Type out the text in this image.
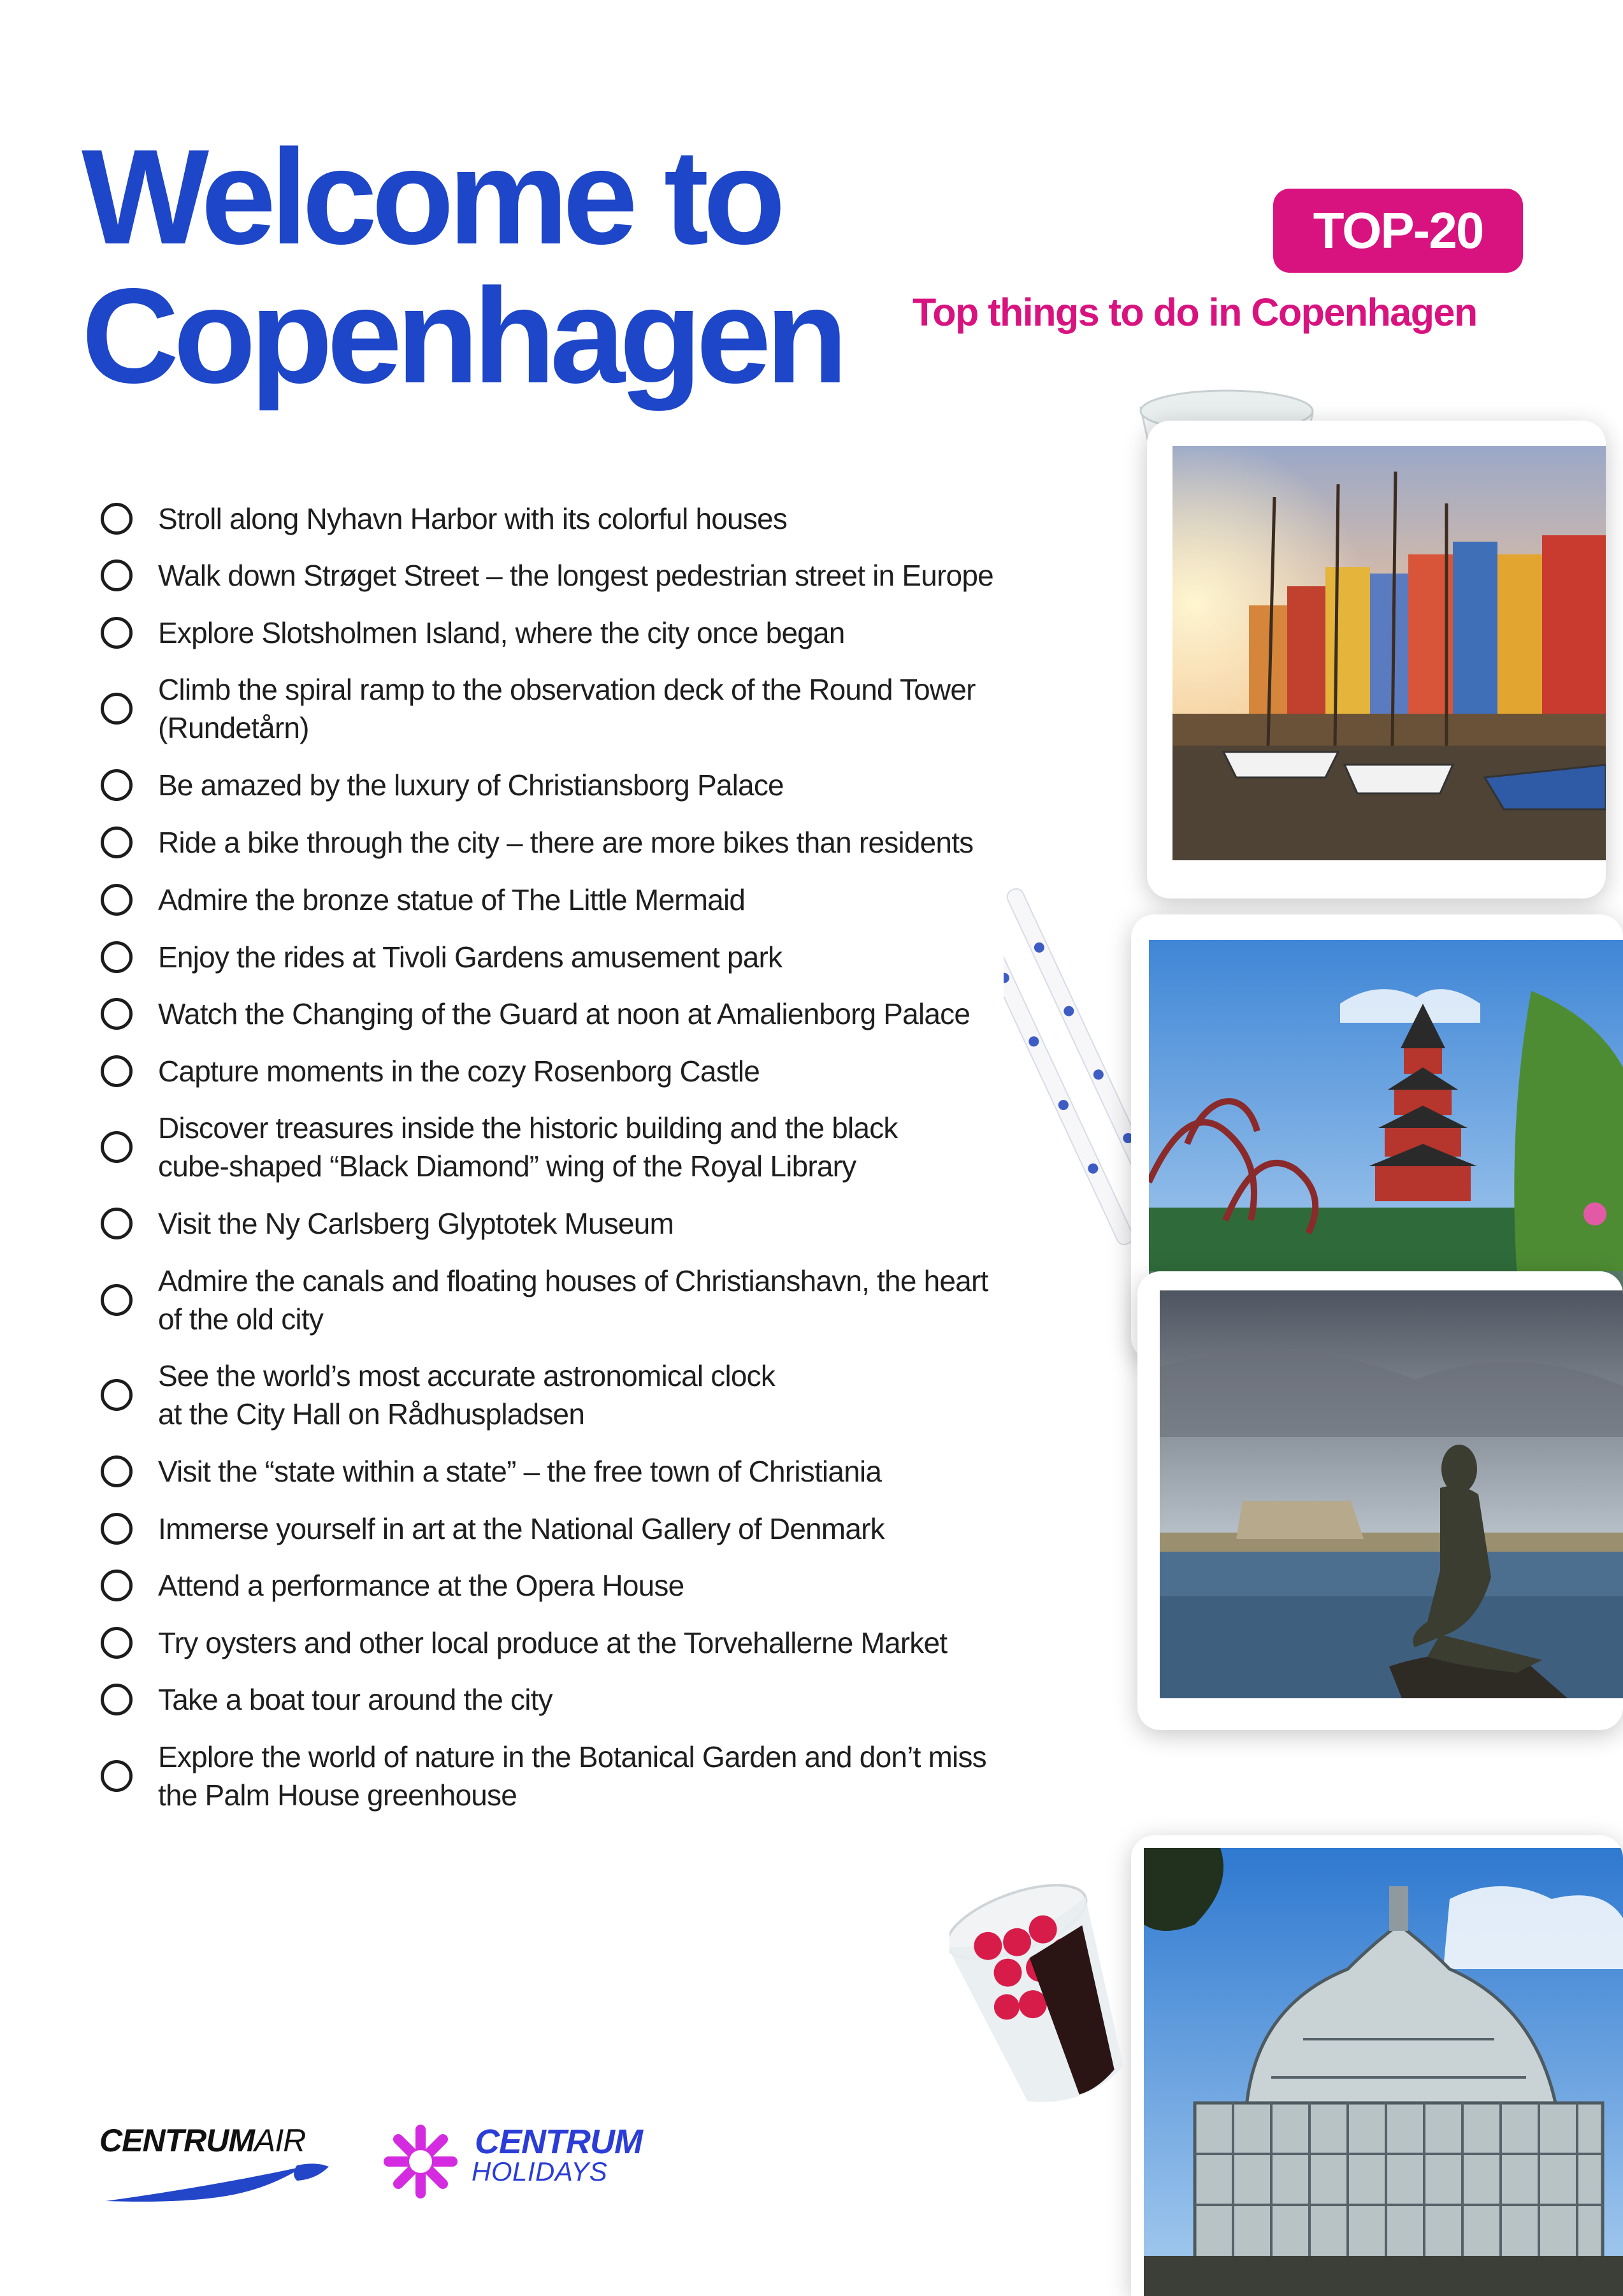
Welcome to
Copenhagen
TOP-20
Top things to do in Copenhagen
Stroll along Nyhavn Harbor with its colorful houses
Walk down Strøget Street – the longest pedestrian street in Europe
Explore Slotsholmen Island, where the city once began
Climb the spiral ramp to the observation deck of the Round Tower
(Rundetårn)
Be amazed by the luxury of Christiansborg Palace
Ride a bike through the city – there are more bikes than residents
Admire the bronze statue of The Little Mermaid
Enjoy the rides at Tivoli Gardens amusement park
Watch the Changing of the Guard at noon at Amalienborg Palace
Capture moments in the cozy Rosenborg Castle
Discover treasures inside the historic building and the black
cube-shaped “Black Diamond” wing of the Royal Library
Visit the Ny Carlsberg Glyptotek Museum
Admire the canals and floating houses of Christianshavn, the heart
of the old city
See the world’s most accurate astronomical clock
at the City Hall on Rådhuspladsen
Visit the “state within a state” – the free town of Christiania
Immerse yourself in art at the National Gallery of Denmark
Attend a performance at the Opera House
Try oysters and other local produce at the Torvehallerne Market
Take a boat tour around the city
Explore the world of nature in the Botanical Garden and don’t miss
the Palm House greenhouse
CENTRUMAIR	CENTRUM
HOLIDAYS
